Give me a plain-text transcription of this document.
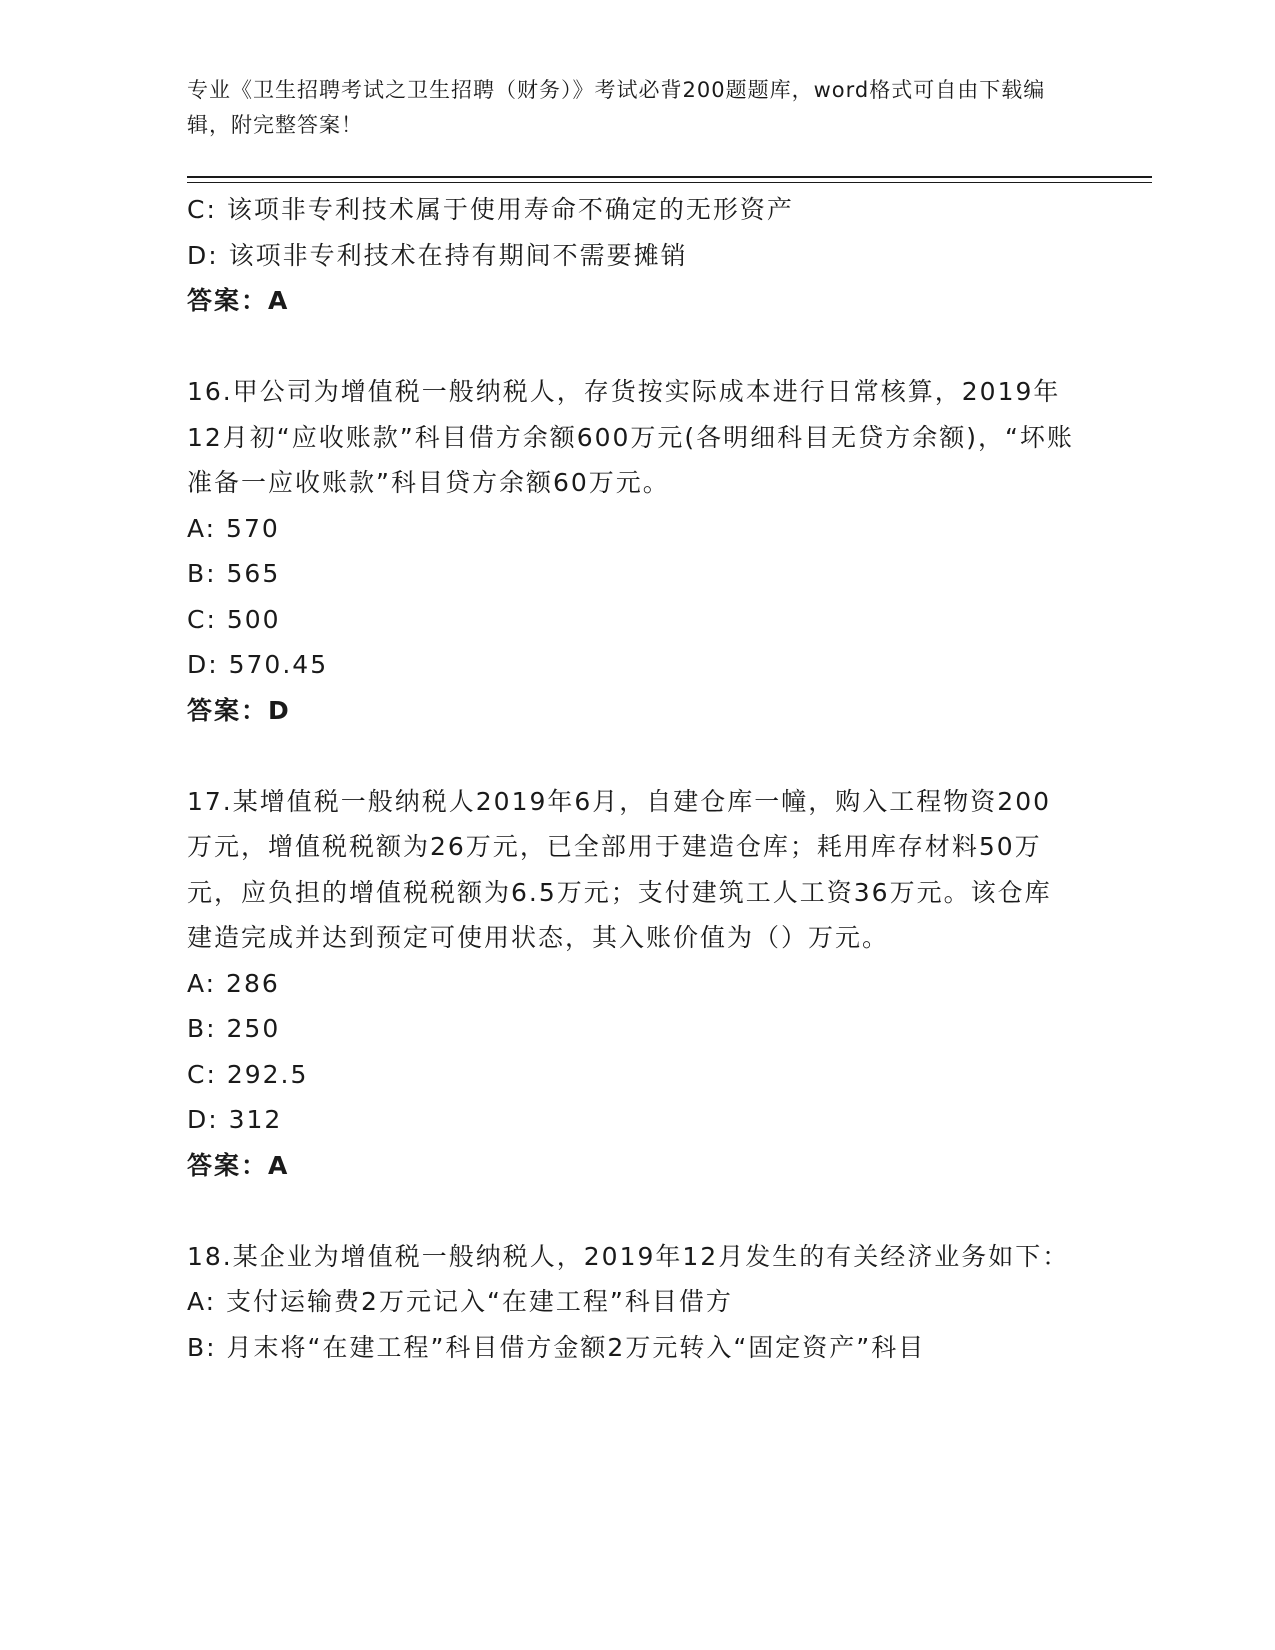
专业《卫生招聘考试之卫生招聘（财务）》考试必背200题题库，word格式可自由下载编辑，附完整答案！
C: 该项非专利技术属于使用寿命不确定的无形资产
D: 该项非专利技术在持有期间不需要摊销
答案：A
16.甲公司为增值税一般纳税人，存货按实际成本进行日常核算，2019年12月初“应收账款”科目借方余额600万元(各明细科目无贷方余额)，“坏账准备一应收账款”科目贷方余额60万元。
A: 570
B: 565
C: 500
D: 570.45
答案：D
17.某增值税一般纳税人2019年6月，自建仓库一幢，购入工程物资200万元，增值税税额为26万元，已全部用于建造仓库；耗用库存材料50万元，应负担的增值税税额为6.5万元；支付建筑工人工资36万元。该仓库建造完成并达到预定可使用状态，其入账价值为（）万元。
A: 286
B: 250
C: 292.5
D: 312
答案：A
18.某企业为增值税一般纳税人，2019年12月发生的有关经济业务如下：
A: 支付运输费2万元记入“在建工程”科目借方
B: 月末将“在建工程”科目借方金额2万元转入“固定资产”科目
